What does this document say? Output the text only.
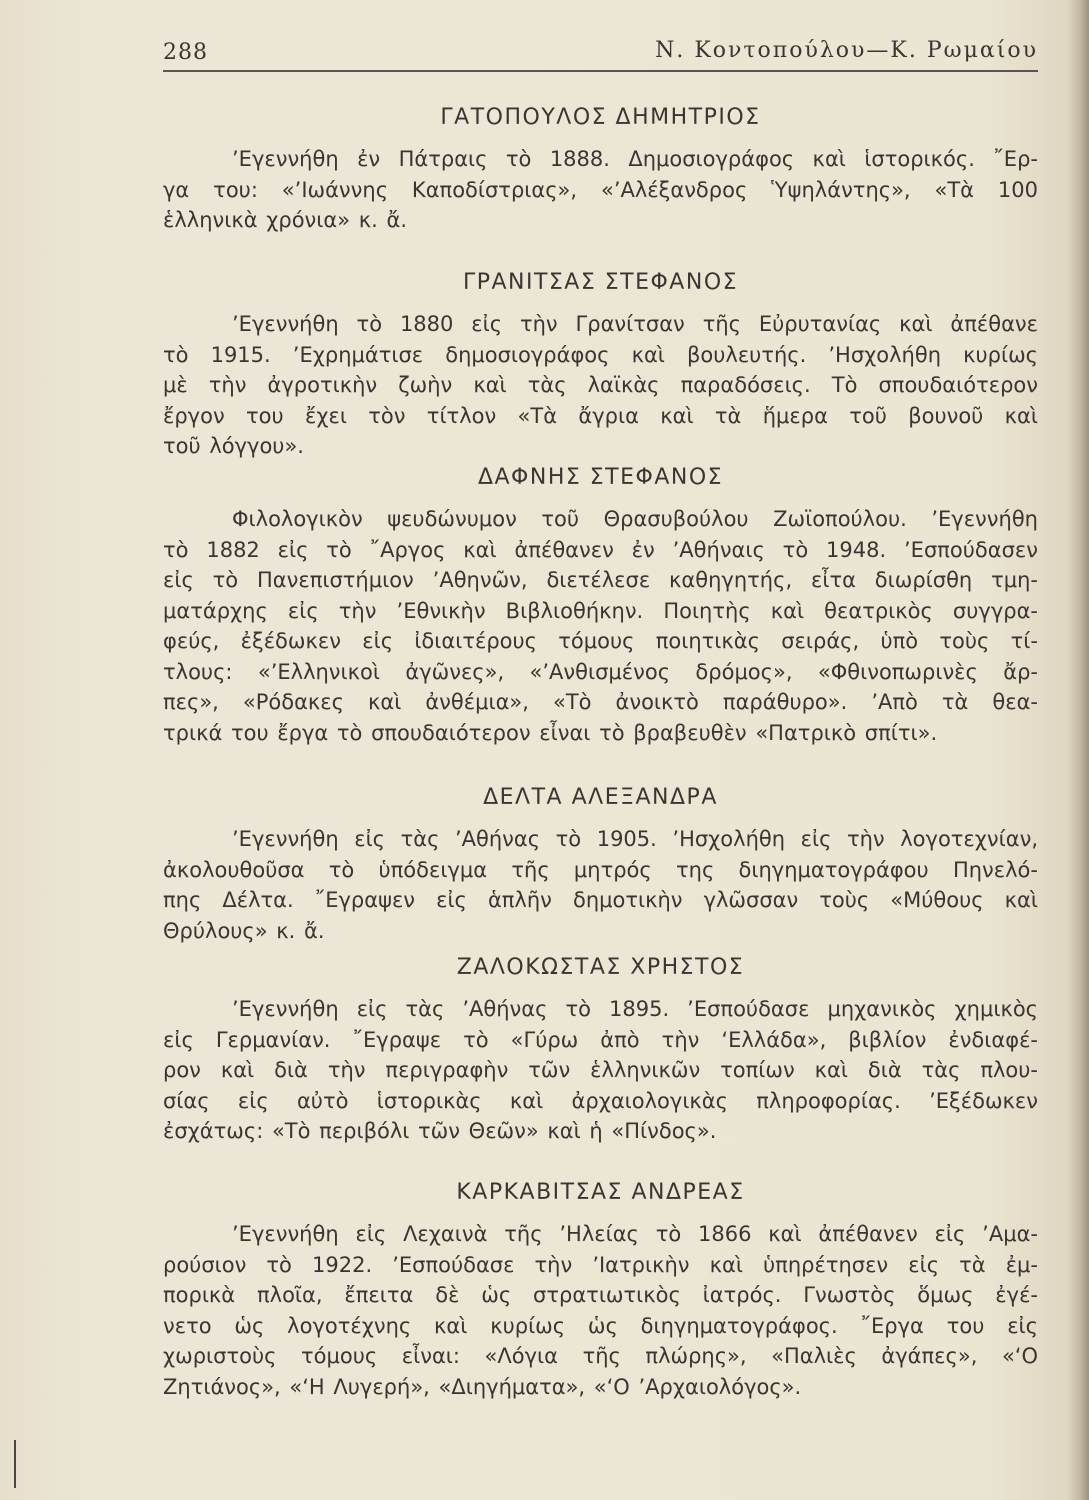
288	Ν. Κοντοπούλου—Κ. Ρωμαίου
ΓΑΤΟΠΟΥΛΟΣ ΔΗΜΗΤΡΙΟΣ
’Εγεννήθη ἐν Πάτραις τὸ 1888. Δημοσιογράφος καὶ ἱστορικός. ῎Ερ-
γα του: «’Ιωάννης Καποδίστριας», «’Αλέξανδρος Ὑψηλάντης», «Τὰ 100
ἑλληνικὰ χρόνια» κ. ἄ.
ΓΡΑΝΙΤΣΑΣ ΣΤΕΦΑΝΟΣ
’Εγεννήθη τὸ 1880 εἰς τὴν Γρανίτσαν τῆς Εὐρυτανίας καὶ ἀπέθανε
τὸ 1915. ’Εχρημάτισε δημοσιογράφος καὶ βουλευτής. ’Ησχολήθη κυρίως
μὲ τὴν ἀγροτικὴν ζωὴν καὶ τὰς λαϊκὰς παραδόσεις. Τὸ σπουδαιότερον
ἔργον του ἔχει τὸν τίτλον «Τὰ ἄγρια καὶ τὰ ἥμερα τοῦ βουνοῦ καὶ
τοῦ λόγγου».
ΔΑΦΝΗΣ ΣΤΕΦΑΝΟΣ
Φιλολογικὸν ψευδώνυμον τοῦ Θρασυβούλου Ζωϊοπούλου. ’Εγεννήθη
τὸ 1882 εἰς τὸ ῎Αργος καὶ ἀπέθανεν ἐν ’Αθήναις τὸ 1948. ’Εσπούδασεν
εἰς τὸ Πανεπιστήμιον ’Αθηνῶν, διετέλεσε καθηγητής, εἶτα διωρίσθη τμη-
ματάρχης εἰς τὴν ’Εθνικὴν Βιβλιοθήκην. Ποιητὴς καὶ θεατρικὸς συγγρα-
φεύς, ἐξέδωκεν εἰς ἰδιαιτέρους τόμους ποιητικὰς σειράς, ὑπὸ τοὺς τί-
τλους: «’Ελληνικοὶ ἀγῶνες», «’Ανθισμένος δρόμος», «Φθινοπωρινὲς ἄρ-
πες», «Ρόδακες καὶ ἀνθέμια», «Τὸ ἀνοικτὸ παράθυρο». ’Απὸ τὰ θεα-
τρικά του ἔργα τὸ σπουδαιότερον εἶναι τὸ βραβευθὲν «Πατρικὸ σπίτι».
ΔΕΛΤΑ ΑΛΕΞΑΝΔΡΑ
’Εγεννήθη εἰς τὰς ’Αθήνας τὸ 1905. ’Ησχολήθη εἰς τὴν λογοτεχνίαν,
ἀκολουθοῦσα τὸ ὑπόδειγμα τῆς μητρός της διηγηματογράφου Πηνελό-
πης Δέλτα. ῎Εγραψεν εἰς ἁπλῆν δημοτικὴν γλῶσσαν τοὺς «Μύθους καὶ
Θρύλους» κ. ἄ.
ΖΑΛΟΚΩΣΤΑΣ ΧΡΗΣΤΟΣ
’Εγεννήθη εἰς τὰς ’Αθήνας τὸ 1895. ’Εσπούδασε μηχανικὸς χημικὸς
εἰς Γερμανίαν. ῎Εγραψε τὸ «Γύρω ἀπὸ τὴν ‘Ελλάδα», βιβλίον ἐνδιαφέ-
ρον καὶ διὰ τὴν περιγραφὴν τῶν ἑλληνικῶν τοπίων καὶ διὰ τὰς πλου-
σίας εἰς αὐτὸ ἱστορικὰς καὶ ἀρχαιολογικὰς πληροφορίας. ’Εξέδωκεν
ἐσχάτως: «Τὸ περιβόλι τῶν Θεῶν» καὶ ἡ «Πίνδος».
ΚΑΡΚΑΒΙΤΣΑΣ ΑΝΔΡΕΑΣ
’Εγεννήθη εἰς Λεχαινὰ τῆς ’Ηλείας τὸ 1866 καὶ ἀπέθανεν εἰς ’Αμα-
ρούσιον τὸ 1922. ’Εσπούδασε τὴν ’Ιατρικὴν καὶ ὑπηρέτησεν εἰς τὰ ἐμ-
πορικὰ πλοῖα, ἔπειτα δὲ ὡς στρατιωτικὸς ἰατρός. Γνωστὸς ὅμως ἐγέ-
νετο ὡς λογοτέχνης καὶ κυρίως ὡς διηγηματογράφος. ῎Εργα του εἰς
χωριστοὺς τόμους εἶναι: «Λόγια τῆς πλώρης», «Παλιὲς ἀγάπες», «‘Ο
Ζητιάνος», «‘Η Λυγερή», «Διηγήματα», «‘Ο ’Αρχαιολόγος».
